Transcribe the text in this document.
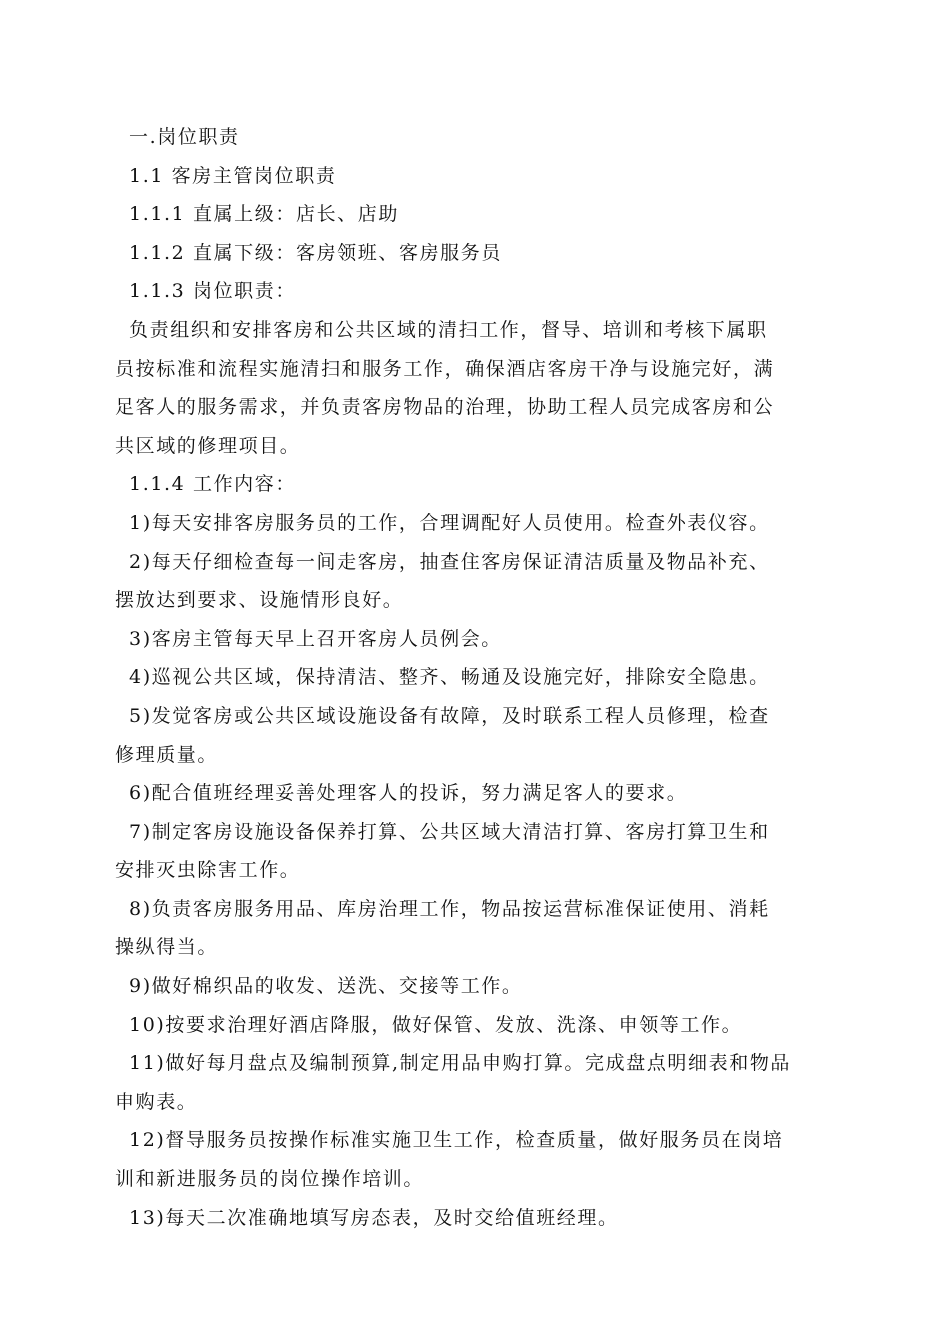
一.岗位职责
1.1 客房主管岗位职责
1.1.1 直属上级：店长、店助
1.1.2 直属下级：客房领班、客房服务员
1.1.3 岗位职责：
负责组织和安排客房和公共区域的清扫工作，督导、培训和考核下属职
员按标准和流程实施清扫和服务工作，确保酒店客房干净与设施完好，满
足客人的服务需求，并负责客房物品的治理，协助工程人员完成客房和公
共区域的修理项目。
1.1.4 工作内容：
1)每天安排客房服务员的工作，合理调配好人员使用。检查外表仪容。
2)每天仔细检查每一间走客房，抽查住客房保证清洁质量及物品补充、
摆放达到要求、设施情形良好。
3)客房主管每天早上召开客房人员例会。
4)巡视公共区域，保持清洁、整齐、畅通及设施完好，排除安全隐患。
5)发觉客房或公共区域设施设备有故障，及时联系工程人员修理，检查
修理质量。
6)配合值班经理妥善处理客人的投诉，努力满足客人的要求。
7)制定客房设施设备保养打算、公共区域大清洁打算、客房打算卫生和
安排灭虫除害工作。
8)负责客房服务用品、库房治理工作，物品按运营标准保证使用、消耗
操纵得当。
9)做好棉织品的收发、送洗、交接等工作。
10)按要求治理好酒店降服，做好保管、发放、洗涤、申领等工作。
11)做好每月盘点及编制预算,制定用品申购打算。完成盘点明细表和物品
申购表。
12)督导服务员按操作标准实施卫生工作，检查质量，做好服务员在岗培
训和新进服务员的岗位操作培训。
13)每天二次准确地填写房态表，及时交给值班经理。
